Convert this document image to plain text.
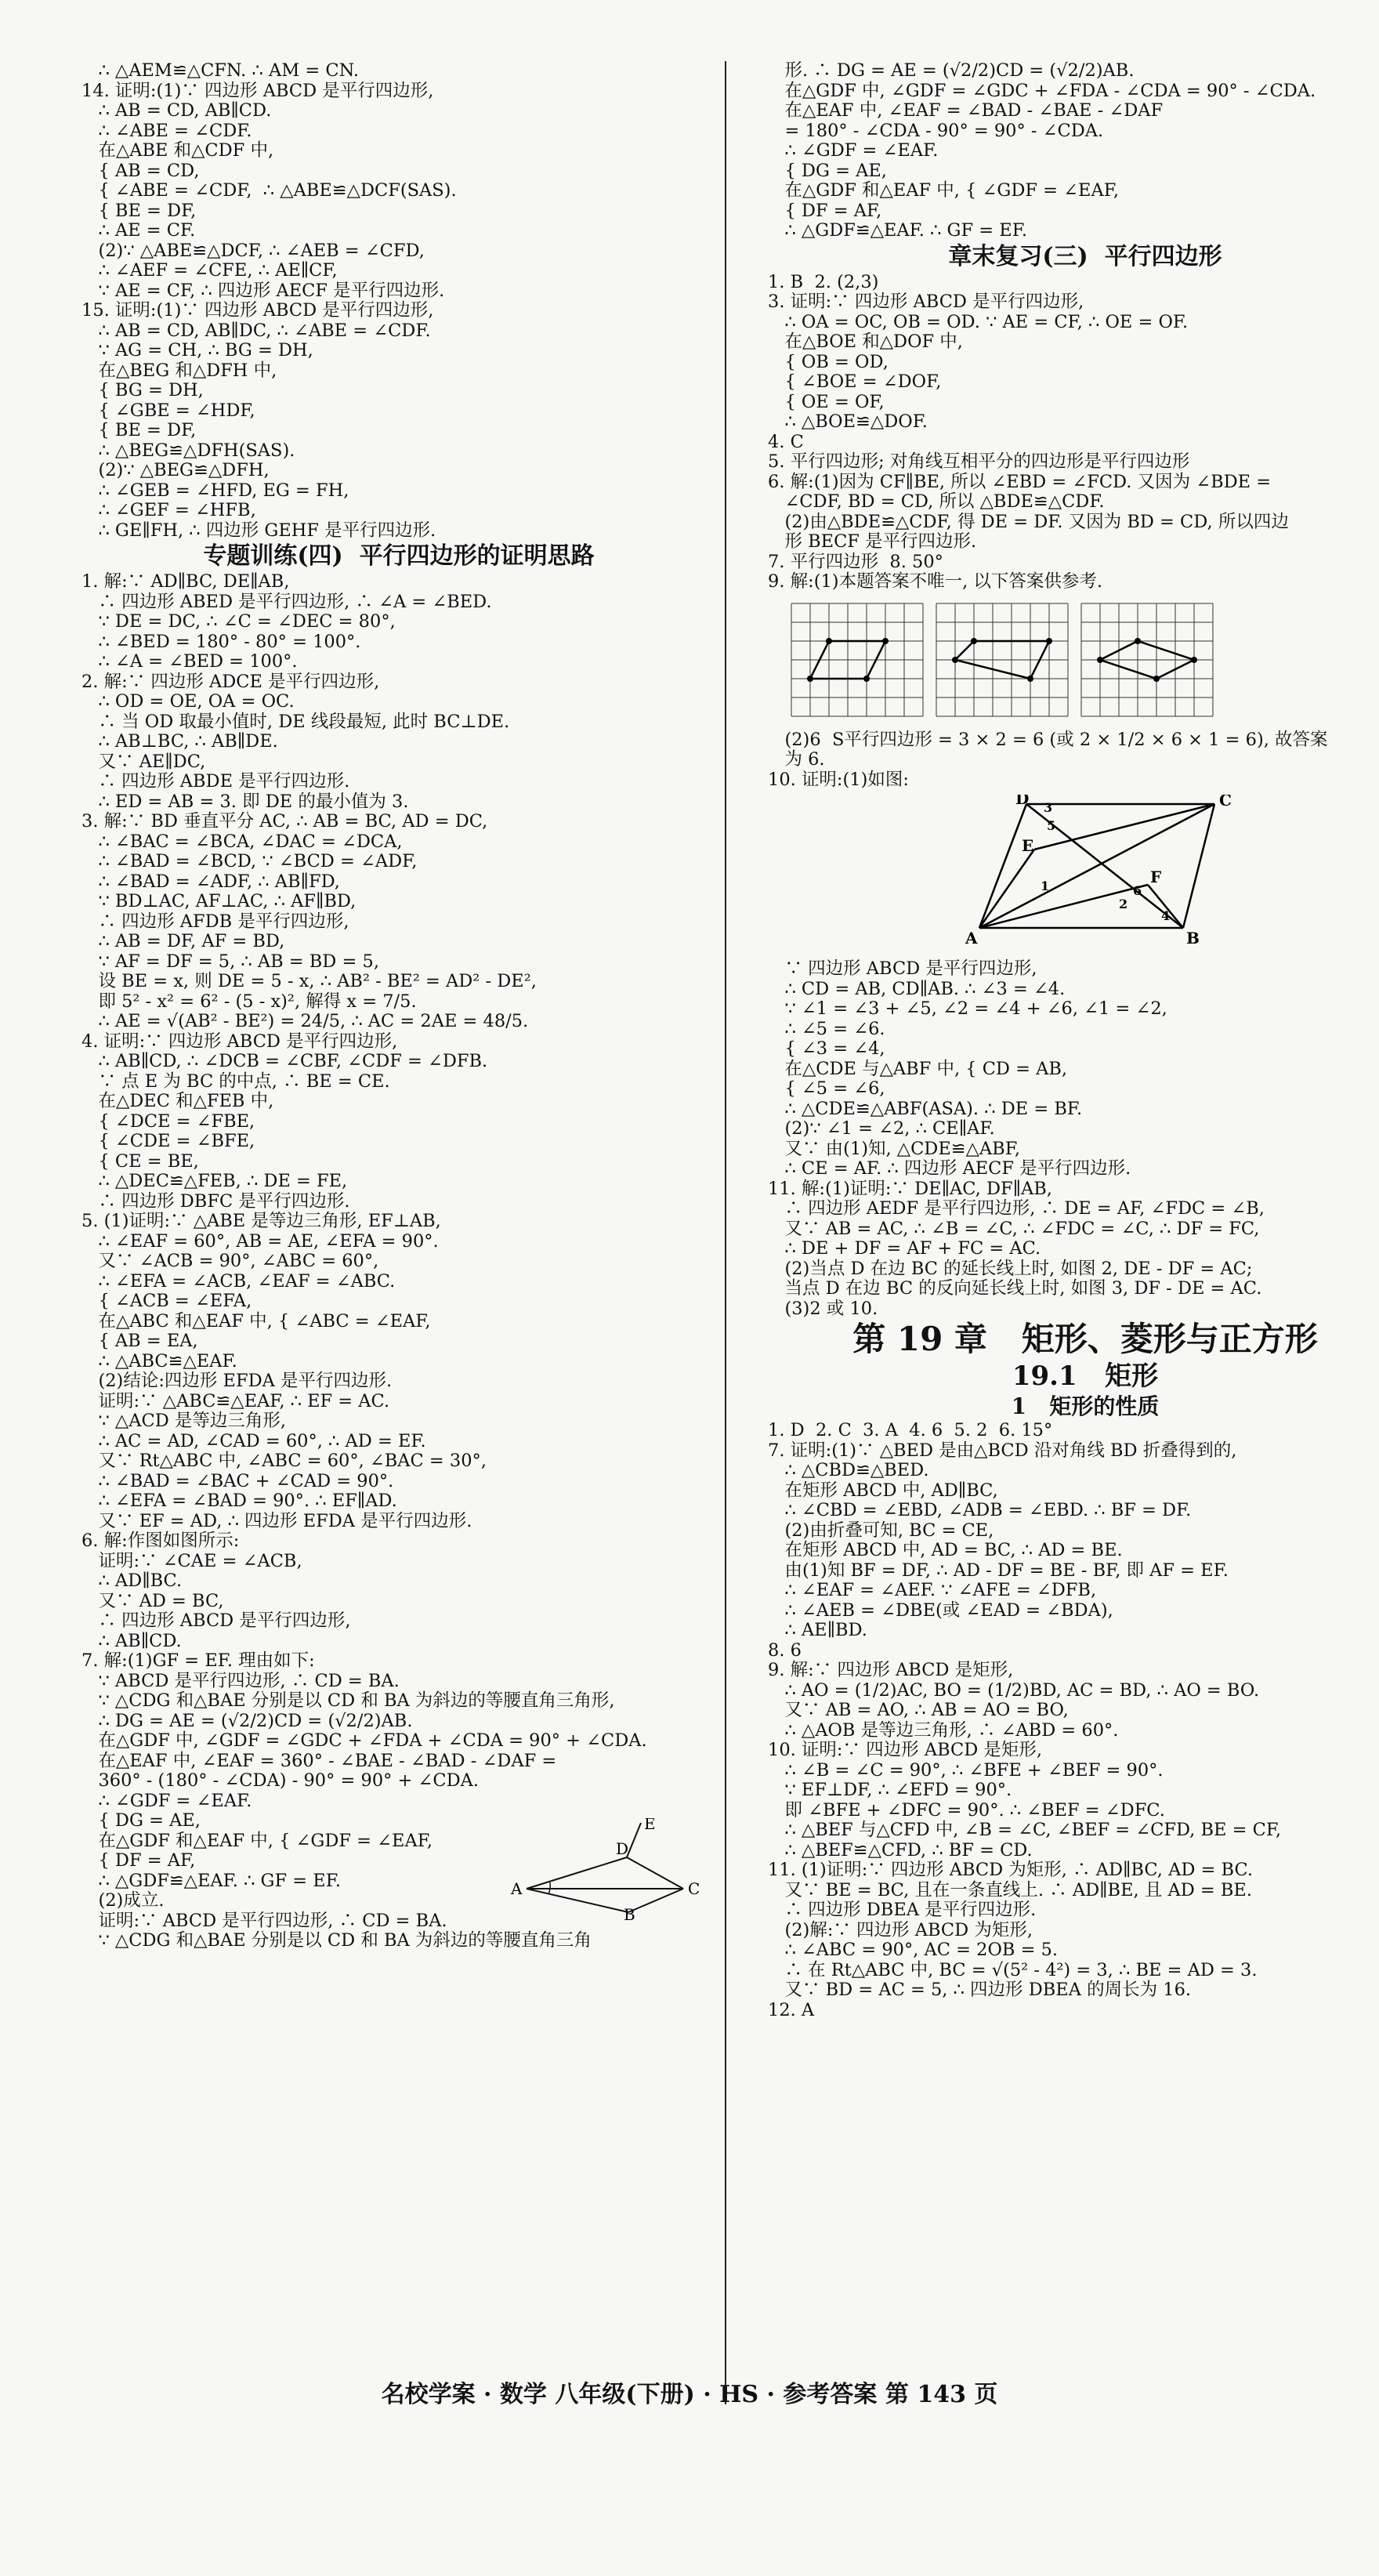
∴ △AEM≌△CFN. ∴ AM = CN.
14. 证明:(1)∵ 四边形 ABCD 是平行四边形,
∴ AB = CD, AB∥CD.
∴ ∠ABE = ∠CDF.
在△ABE 和△CDF 中,
{ AB = CD,
{ ∠ABE = ∠CDF,  ∴ △ABE≌△DCF(SAS).
{ BE = DF,
∴ AE = CF.
(2)∵ △ABE≌△DCF, ∴ ∠AEB = ∠CFD,
∴ ∠AEF = ∠CFE, ∴ AE∥CF,
∵ AE = CF, ∴ 四边形 AECF 是平行四边形.
15. 证明:(1)∵ 四边形 ABCD 是平行四边形,
∴ AB = CD, AB∥DC, ∴ ∠ABE = ∠CDF.
∵ AG = CH, ∴ BG = DH,
在△BEG 和△DFH 中,
{ BG = DH,
{ ∠GBE = ∠HDF,
{ BE = DF,
∴ △BEG≌△DFH(SAS).
(2)∵ △BEG≌△DFH,
∴ ∠GEB = ∠HFD, EG = FH,
∴ ∠GEF = ∠HFB,
∴ GE∥FH, ∴ 四边形 GEHF 是平行四边形.
专题训练(四)  平行四边形的证明思路
1. 解:∵ AD∥BC, DE∥AB,
∴ 四边形 ABED 是平行四边形, ∴ ∠A = ∠BED.
∵ DE = DC, ∴ ∠C = ∠DEC = 80°,
∴ ∠BED = 180° - 80° = 100°.
∴ ∠A = ∠BED = 100°.
2. 解:∵ 四边形 ADCE 是平行四边形,
∴ OD = OE, OA = OC.
∴ 当 OD 取最小值时, DE 线段最短, 此时 BC⊥DE.
∴ AB⊥BC, ∴ AB∥DE.
又∵ AE∥DC,
∴ 四边形 ABDE 是平行四边形.
∴ ED = AB = 3. 即 DE 的最小值为 3.
3. 解:∵ BD 垂直平分 AC, ∴ AB = BC, AD = DC,
∴ ∠BAC = ∠BCA, ∠DAC = ∠DCA,
∴ ∠BAD = ∠BCD, ∵ ∠BCD = ∠ADF,
∴ ∠BAD = ∠ADF, ∴ AB∥FD,
∵ BD⊥AC, AF⊥AC, ∴ AF∥BD,
∴ 四边形 AFDB 是平行四边形,
∴ AB = DF, AF = BD,
∵ AF = DF = 5, ∴ AB = BD = 5,
设 BE = x, 则 DE = 5 - x, ∴ AB² - BE² = AD² - DE²,
即 5² - x² = 6² - (5 - x)², 解得 x = 7/5.
∴ AE = √(AB² - BE²) = 24/5, ∴ AC = 2AE = 48/5.
4. 证明:∵ 四边形 ABCD 是平行四边形,
∴ AB∥CD, ∴ ∠DCB = ∠CBF, ∠CDF = ∠DFB.
∵ 点 E 为 BC 的中点, ∴ BE = CE.
在△DEC 和△FEB 中,
{ ∠DCE = ∠FBE,
{ ∠CDE = ∠BFE,
{ CE = BE,
∴ △DEC≌△FEB, ∴ DE = FE,
∴ 四边形 DBFC 是平行四边形.
5. (1)证明:∵ △ABE 是等边三角形, EF⊥AB,
∴ ∠EAF = 60°, AB = AE, ∠EFA = 90°.
又∵ ∠ACB = 90°, ∠ABC = 60°,
∴ ∠EFA = ∠ACB, ∠EAF = ∠ABC.
{ ∠ACB = ∠EFA,
在△ABC 和△EAF 中, { ∠ABC = ∠EAF,
{ AB = EA,
∴ △ABC≌△EAF.
(2)结论:四边形 EFDA 是平行四边形.
证明:∵ △ABC≌△EAF, ∴ EF = AC.
∵ △ACD 是等边三角形,
∴ AC = AD, ∠CAD = 60°, ∴ AD = EF.
又∵ Rt△ABC 中, ∠ABC = 60°, ∠BAC = 30°,
∴ ∠BAD = ∠BAC + ∠CAD = 90°.
∴ ∠EFA = ∠BAD = 90°. ∴ EF∥AD.
又∵ EF = AD, ∴ 四边形 EFDA 是平行四边形.
6. 解:作图如图所示:
证明:∵ ∠CAE = ∠ACB,
∴ AD∥BC.
又∵ AD = BC,
∴ 四边形 ABCD 是平行四边形,
∴ AB∥CD.
7. 解:(1)GF = EF. 理由如下:
∵ ABCD 是平行四边形, ∴ CD = BA.
∵ △CDG 和△BAE 分别是以 CD 和 BA 为斜边的等腰直角三角形,
∴ DG = AE = (√2/2)CD = (√2/2)AB.
在△GDF 中, ∠GDF = ∠GDC + ∠FDA + ∠CDA = 90° + ∠CDA.
在△EAF 中, ∠EAF = 360° - ∠BAE - ∠BAD - ∠DAF =
360° - (180° - ∠CDA) - 90° = 90° + ∠CDA.
∴ ∠GDF = ∠EAF.
{ DG = AE,
在△GDF 和△EAF 中, { ∠GDF = ∠EAF,
{ DF = AF,
∴ △GDF≌△EAF. ∴ GF = EF.
(2)成立.
证明:∵ ABCD 是平行四边形, ∴ CD = BA.
∵ △CDG 和△BAE 分别是以 CD 和 BA 为斜边的等腰直角三角
形. ∴ DG = AE = (√2/2)CD = (√2/2)AB.
在△GDF 中, ∠GDF = ∠GDC + ∠FDA - ∠CDA = 90° - ∠CDA.
在△EAF 中, ∠EAF = ∠BAD - ∠BAE - ∠DAF
= 180° - ∠CDA - 90° = 90° - ∠CDA.
∴ ∠GDF = ∠EAF.
{ DG = AE,
在△GDF 和△EAF 中, { ∠GDF = ∠EAF,
{ DF = AF,
∴ △GDF≌△EAF. ∴ GF = EF.
章末复习(三)  平行四边形
1. B  2. (2,3)
3. 证明:∵ 四边形 ABCD 是平行四边形,
∴ OA = OC, OB = OD. ∵ AE = CF, ∴ OE = OF.
在△BOE 和△DOF 中,
{ OB = OD,
{ ∠BOE = ∠DOF,
{ OE = OF,
∴ △BOE≌△DOF.
4. C
5. 平行四边形; 对角线互相平分的四边形是平行四边形
6. 解:(1)因为 CF∥BE, 所以 ∠EBD = ∠FCD. 又因为 ∠BDE =
∠CDF, BD = CD, 所以 △BDE≌△CDF.
(2)由△BDE≌△CDF, 得 DE = DF. 又因为 BD = CD, 所以四边
形 BECF 是平行四边形.
7. 平行四边形  8. 50°
9. 解:(1)本题答案不唯一, 以下答案供参考.
(2)6  S平行四边形 = 3 × 2 = 6 (或 2 × 1/2 × 6 × 1 = 6), 故答案
为 6.
10. 证明:(1)如图:
A	B
C
D
E
F
1
2
3
4
5
6
∵ 四边形 ABCD 是平行四边形,
∴ CD = AB, CD∥AB. ∴ ∠3 = ∠4.
∵ ∠1 = ∠3 + ∠5, ∠2 = ∠4 + ∠6, ∠1 = ∠2,
∴ ∠5 = ∠6.
{ ∠3 = ∠4,
在△CDE 与△ABF 中, { CD = AB,
{ ∠5 = ∠6,
∴ △CDE≌△ABF(ASA). ∴ DE = BF.
(2)∵ ∠1 = ∠2, ∴ CE∥AF.
又∵ 由(1)知, △CDE≌△ABF,
∴ CE = AF. ∴ 四边形 AECF 是平行四边形.
11. 解:(1)证明:∵ DE∥AC, DF∥AB,
∴ 四边形 AEDF 是平行四边形, ∴ DE = AF, ∠FDC = ∠B,
又∵ AB = AC, ∴ ∠B = ∠C, ∴ ∠FDC = ∠C, ∴ DF = FC,
∴ DE + DF = AF + FC = AC.
(2)当点 D 在边 BC 的延长线上时, 如图 2, DE - DF = AC;
当点 D 在边 BC 的反向延长线上时, 如图 3, DF - DE = AC.
(3)2 或 10.
第 19 章   矩形、菱形与正方形
19.1   矩形
1   矩形的性质
1. D  2. C  3. A  4. 6  5. 2  6. 15°
7. 证明:(1)∵ △BED 是由△BCD 沿对角线 BD 折叠得到的,
∴ △CBD≌△BED.
在矩形 ABCD 中, AD∥BC,
∴ ∠CBD = ∠EBD, ∠ADB = ∠EBD. ∴ BF = DF.
(2)由折叠可知, BC = CE,
在矩形 ABCD 中, AD = BC, ∴ AD = BE.
由(1)知 BF = DF, ∴ AD - DF = BE - BF, 即 AF = EF.
∴ ∠EAF = ∠AEF. ∵ ∠AFE = ∠DFB,
∴ ∠AEB = ∠DBE(或 ∠EAD = ∠BDA),
∴ AE∥BD.
8. 6
9. 解:∵ 四边形 ABCD 是矩形,
∴ AO = (1/2)AC, BO = (1/2)BD, AC = BD, ∴ AO = BO.
又∵ AB = AO, ∴ AB = AO = BO,
∴ △AOB 是等边三角形, ∴ ∠ABD = 60°.
10. 证明:∵ 四边形 ABCD 是矩形,
∴ ∠B = ∠C = 90°, ∴ ∠BFE + ∠BEF = 90°.
∵ EF⊥DF, ∴ ∠EFD = 90°.
即 ∠BFE + ∠DFC = 90°. ∴ ∠BEF = ∠DFC.
∴ △BEF 与△CFD 中, ∠B = ∠C, ∠BEF = ∠CFD, BE = CF,
∴ △BEF≌△CFD, ∴ BF = CD.
11. (1)证明:∵ 四边形 ABCD 为矩形, ∴ AD∥BC, AD = BC.
又∵ BE = BC, 且在一条直线上. ∴ AD∥BE, 且 AD = BE.
∴ 四边形 DBEA 是平行四边形.
(2)解:∵ 四边形 ABCD 为矩形,
∴ ∠ABC = 90°, AC = 2OB = 5.
∴ 在 Rt△ABC 中, BC = √(5² - 4²) = 3, ∴ BE = AD = 3.
又∵ BD = AC = 5, ∴ 四边形 DBEA 的周长为 16.
12. A
名校学案 · 数学 八年级(下册) · HS · 参考答案 第 143 页
A
B
C
D
E
